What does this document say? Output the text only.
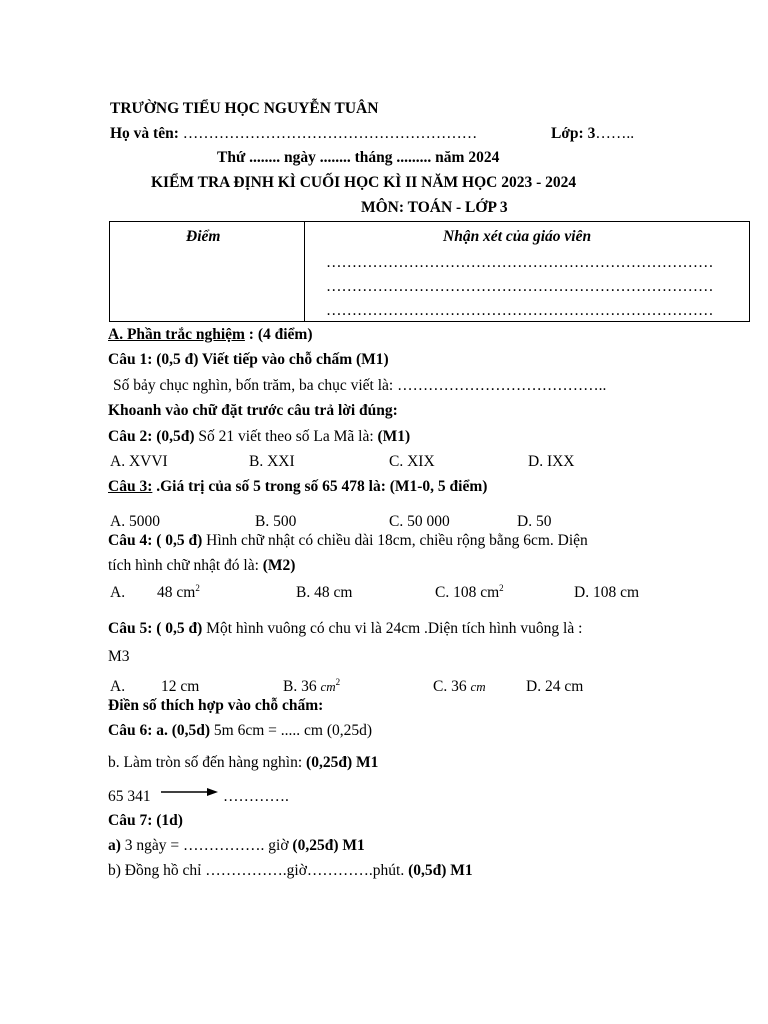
TRƯỜNG TIỂU HỌC NGUYỄN TUÂN
Họ và tên: …………………………………………………	Lớp: 3……..
Thứ ........ ngày ........ tháng ......... năm 2024
KIỂM TRA ĐỊNH KÌ CUỐI HỌC KÌ II NĂM HỌC 2023 - 2024
MÔN: TOÁN - LỚP 3
Điểm	Nhận xét của giáo viên
…………………………………………………………………
…………………………………………………………………
…………………………………………………………………
A. Phần trắc nghiệm : (4 điểm)
Câu 1: (0,5 đ) Viết tiếp vào chỗ chấm (M1)
Số bảy chục nghìn, bốn trăm, ba chục viết là: …………………………………..
Khoanh vào chữ đặt trước câu trả lời đúng:
Câu 2: (0,5đ) Số 21 viết theo số La Mã là: (M1)
A. XVVI	B. XXI	C. XIX	D. IXX
Câu 3: .Giá trị của số 5 trong số 65 478 là: (M1-0, 5 điểm)
A. 5000	B. 500	C. 50 000	D. 50
Câu 4: ( 0,5 đ) Hình chữ nhật có chiều dài 18cm, chiều rộng bằng 6cm. Diện
tích hình chữ nhật đó là: (M2)
A. 48 $cm^2$	B. 48 cm	C. 108 $cm^2$	D. 108 cm
Câu 5: ( 0,5 đ) Một hình vuông có chu vi là 24cm .Diện tích hình vuông là :
M3
A. 12 cm	B. 36 $cm^2$	C. 36 cm	D. 24 cm
Điền số thích hợp vào chỗ chấm:
Câu 6: a. (0,5d) 5m 6cm = ..... cm (0,25d)
b. Làm tròn số đến hàng nghìn: (0,25đ) M1
65 341	………….
Câu 7: (1d)
a) 3 ngày = ……………. giờ (0,25đ) M1
b) Đồng hồ chỉ …………….giờ………….phút. (0,5đ) M1
